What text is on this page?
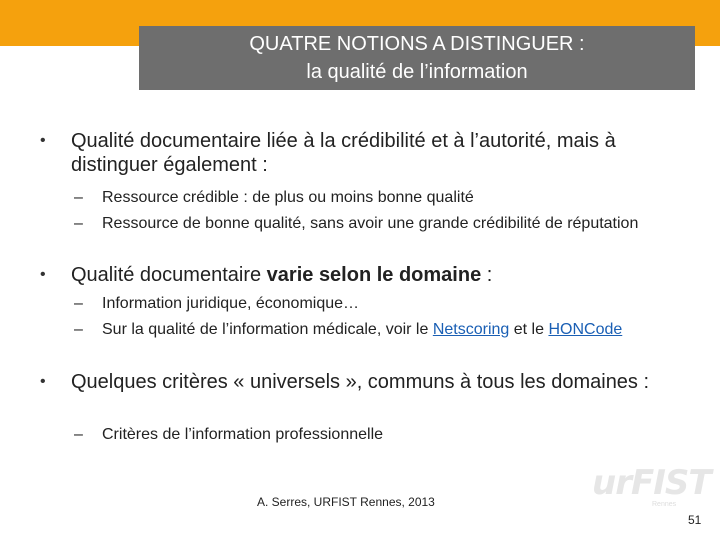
QUATRE NOTIONS A DISTINGUER :
la qualité de l’information
•	Qualité documentaire liée à la crédibilité et à l’autorité, mais à distinguer également :
– Ressource crédible : de plus ou moins bonne qualité
– Ressource de bonne qualité, sans avoir une grande crédibilité de réputation
•	Qualité documentaire varie selon le domaine :
– Information juridique, économique…
– Sur la qualité de l’information médicale, voir le Netscoring et le HONCode
•	Quelques critères « universels », communs à tous les domaines :
– Critères de l’information professionnelle
A. Serres, URFIST Rennes, 2013	urFIST
Rennes
51
